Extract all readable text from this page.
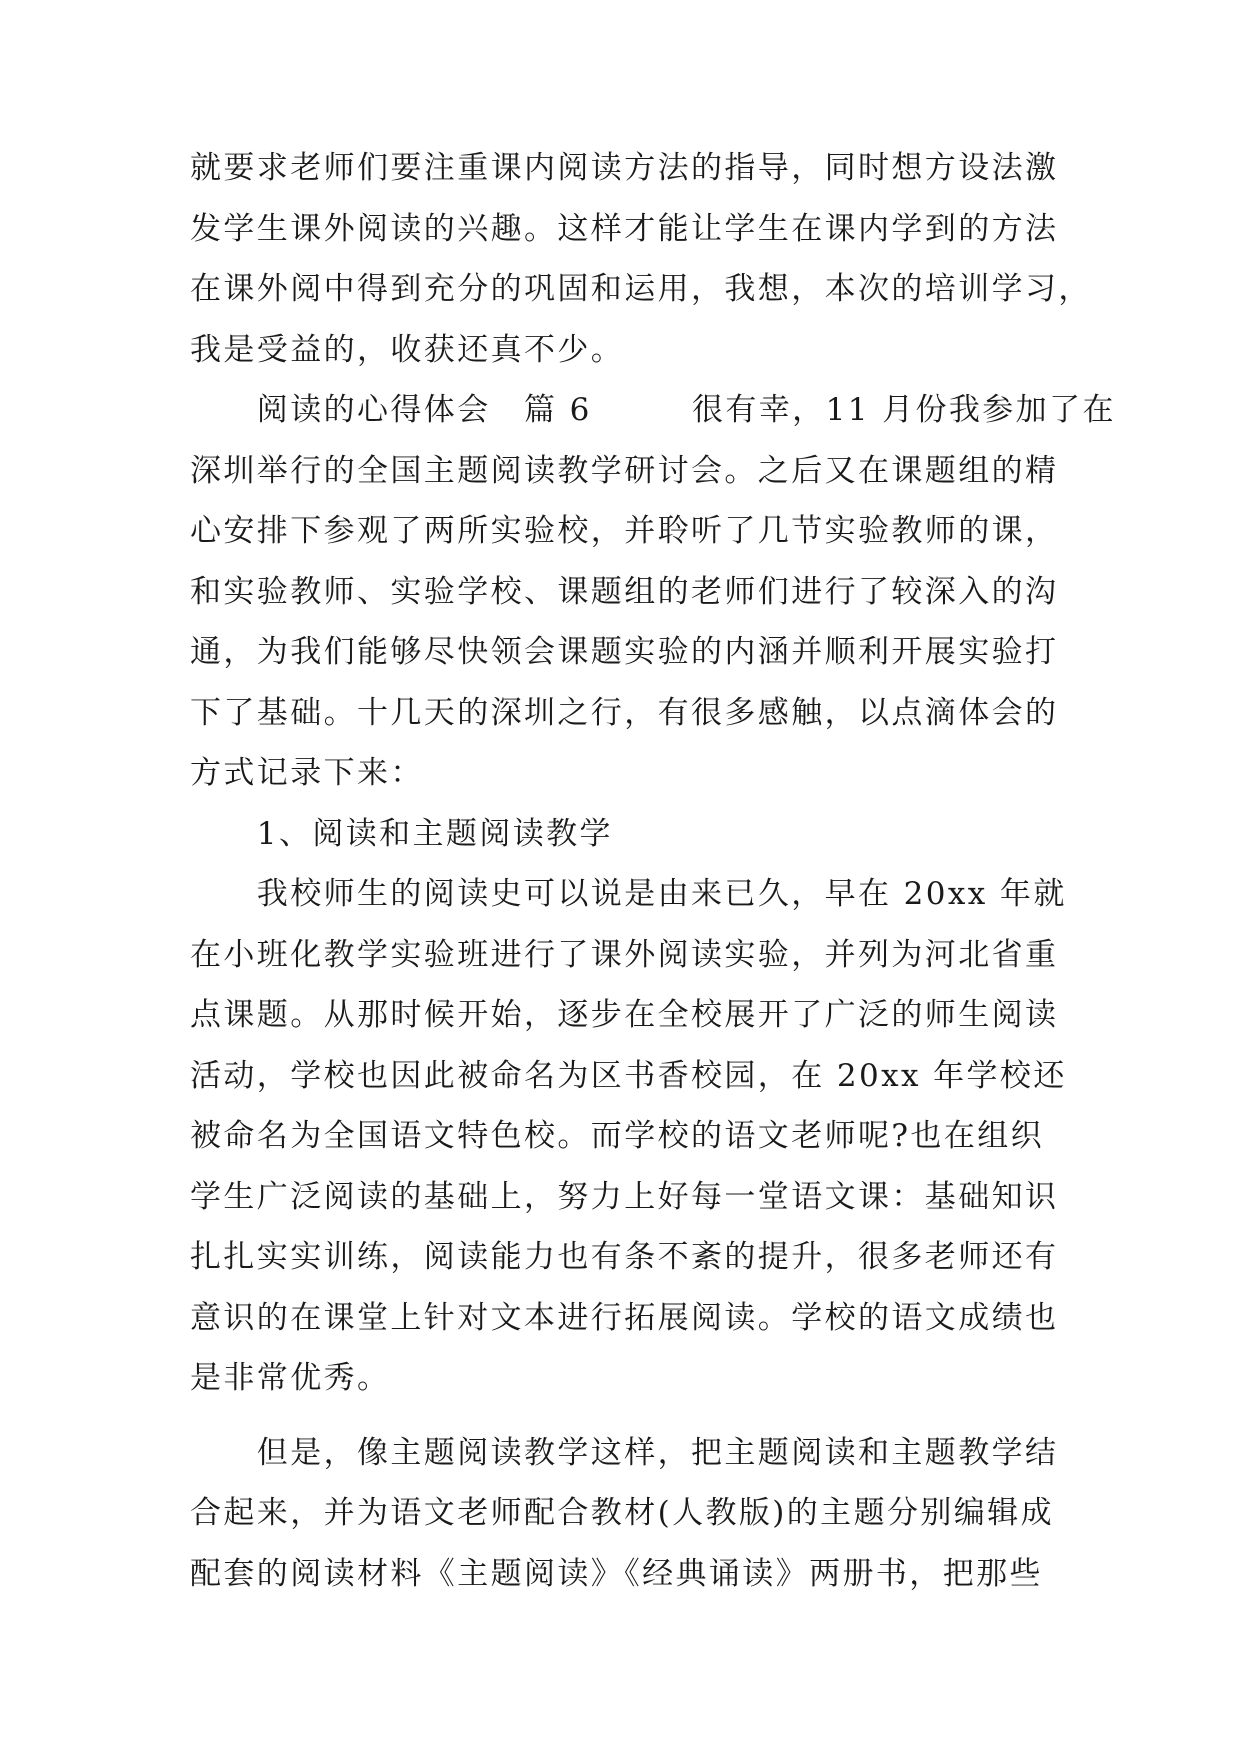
就要求老师们要注重课内阅读方法的指导，同时想方设法激
发学生课外阅读的兴趣。这样才能让学生在课内学到的方法
在课外阅中得到充分的巩固和运用，我想，本次的培训学习，
我是受益的，收获还真不少。
　　阅读的心得体会　篇 6　　　很有幸，11 月份我参加了在
深圳举行的全国主题阅读教学研讨会。之后又在课题组的精
心安排下参观了两所实验校，并聆听了几节实验教师的课，
和实验教师、实验学校、课题组的老师们进行了较深入的沟
通，为我们能够尽快领会课题实验的内涵并顺利开展实验打
下了基础。十几天的深圳之行，有很多感触，以点滴体会的
方式记录下来：
　　1、阅读和主题阅读教学
　　我校师生的阅读史可以说是由来已久，早在 20xx 年就
在小班化教学实验班进行了课外阅读实验，并列为河北省重
点课题。从那时候开始，逐步在全校展开了广泛的师生阅读
活动，学校也因此被命名为区书香校园，在 20xx 年学校还
被命名为全国语文特色校。而学校的语文老师呢?也在组织
学生广泛阅读的基础上，努力上好每一堂语文课：基础知识
扎扎实实训练，阅读能力也有条不紊的提升，很多老师还有
意识的在课堂上针对文本进行拓展阅读。学校的语文成绩也
是非常优秀。
　　但是，像主题阅读教学这样，把主题阅读和主题教学结
合起来，并为语文老师配合教材(人教版)的主题分别编辑成
配套的阅读材料《主题阅读》《经典诵读》两册书，把那些
